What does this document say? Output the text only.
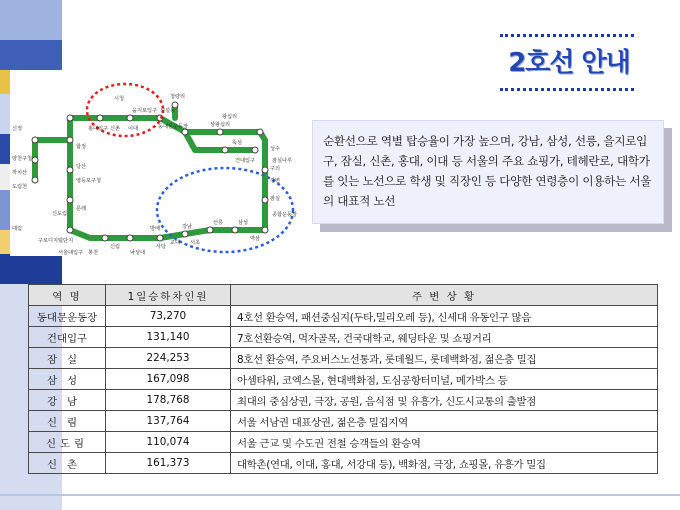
2호선 안내
신정
청량리
신설동
상왕십리
성수
뚝섬
건대입구
구의
강변
잠실
삼성
선릉
강남
사당
신림
구로디지털단지
신도림
영등포구청
당산
합정
홍대입구 신촌 이대
시청
을지로입구
동대문운동장
왕십리
까치산
양천구청
도림천
문래
방배
서초
교대
역삼
종합운동장
잠실나루
대림
봉천	낙성대
서울대입구
순환선으로 역별 탑승율이 가장 높으며, 강남, 삼성, 선릉, 을지로입구, 잠실, 신촌, 홍대, 이대 등 서울의 주요 쇼핑가, 테헤란로, 대학가를 잇는 노선으로 학생 및 직장인 등 다양한 연령층이 이용하는 서울의 대표적 노선
역 명	1일승하차인원	주 변 상 황
동대문운동장	73,270	4호선 환승역, 패션중심지(두타,밀리오레 등), 신세대 유동인구 많음
건대입구	131,140	7호선환승역, 먹자골목, 건국대학교, 웨딩타운 및 쇼핑거리
잠실	224,253	8호선 환승역, 주요버스노선통과, 롯데월드, 롯데백화점, 젊은층 밀집
삼성	167,098	아셈타워, 코엑스몰, 현대백화점, 도심공항터미널, 메가박스 등
강남	178,768	최대의 중심상권, 극장, 공원, 음식점 및 유흥가, 신도시교통의 출발점
신림	137,764	서울 서남권 대표상권, 젊은층 밀집지역
신도림	110,074	서울 근교 및 수도권 전철 승객들의 환승역
신촌	161,373	대학촌(연대, 이대, 홍대, 서강대 등), 백화점, 극장, 쇼핑몰, 유흥가 밀집
